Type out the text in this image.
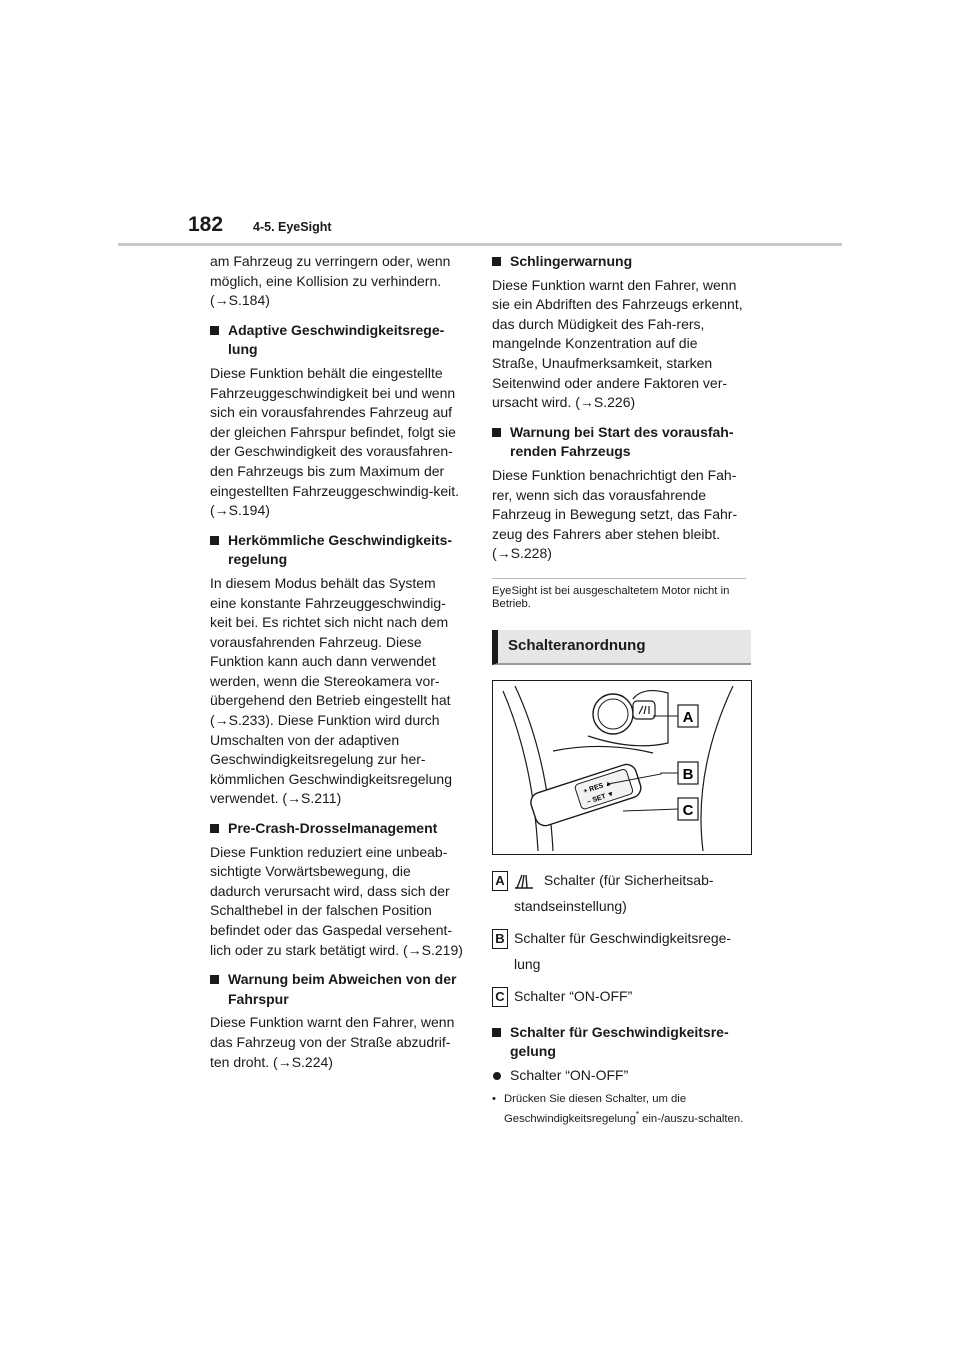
182 4-5. EyeSight

am Fahrzeug zu verringern oder, wenn möglich, eine Kollision zu verhindern. (→S.184)

Adaptive Geschwindigkeitsrege-lung

Diese Funktion behält die eingestellte Fahrzeuggeschwindigkeit bei und wenn sich ein vorausfahrendes Fahrzeug auf der gleichen Fahrspur befindet, folgt sie der Geschwindigkeit des vorausfahren-den Fahrzeugs bis zum Maximum der eingestellten Fahrzeuggeschwindig-keit. (→S.194)

Herkömmliche Geschwindigkeits-regelung

In diesem Modus behält das System eine konstante Fahrzeuggeschwindig-keit bei. Es richtet sich nicht nach dem vorausfahrenden Fahrzeug. Diese Funktion kann auch dann verwendet werden, wenn die Stereokamera vor-übergehend den Betrieb eingestellt hat (→S.233). Diese Funktion wird durch Umschalten von der adaptiven Geschwindigkeitsregelung zur her-kömmlichen Geschwindigkeitsregelung verwendet. (→S.211)

Pre-Crash-Drosselmanagement

Diese Funktion reduziert eine unbeab-sichtigte Vorwärtsbewegung, die dadurch verursacht wird, dass sich der Schalthebel in der falschen Position befindet oder das Gaspedal versehent-lich oder zu stark betätigt wird. (→S.219)

Warnung beim Abweichen von der Fahrspur

Diese Funktion warnt den Fahrer, wenn das Fahrzeug von der Straße abzudrif-ten droht. (→S.224)

Schlingerwarnung

Diese Funktion warnt den Fahrer, wenn sie ein Abdriften des Fahrzeugs erkennt, das durch Müdigkeit des Fah-rers, mangelnde Konzentration auf die Straße, Unaufmerksamkeit, starken Seitenwind oder andere Faktoren ver-ursacht wird. (→S.226)

Warnung bei Start des vorausfah-renden Fahrzeugs

Diese Funktion benachrichtigt den Fah-rer, wenn sich das vorausfahrende Fahrzeug in Bewegung setzt, das Fahr-zeug des Fahrers aber stehen bleibt. (→S.228)

EyeSight ist bei ausgeschaltetem Motor nicht in Betrieb.

Schalteranordnung
+ RES ▲
– SET ▼
A
B
C
A	Schalter (für Sicherheitsab-standseinstellung)
B Schalter für Geschwindigkeitsrege-lung
C Schalter “ON-OFF”
Schalter für Geschwindigkeitsre-gelung
Schalter “ON-OFF”
• Drücken Sie diesen Schalter, um die Geschwindigkeitsregelung* ein-/auszu-schalten.
